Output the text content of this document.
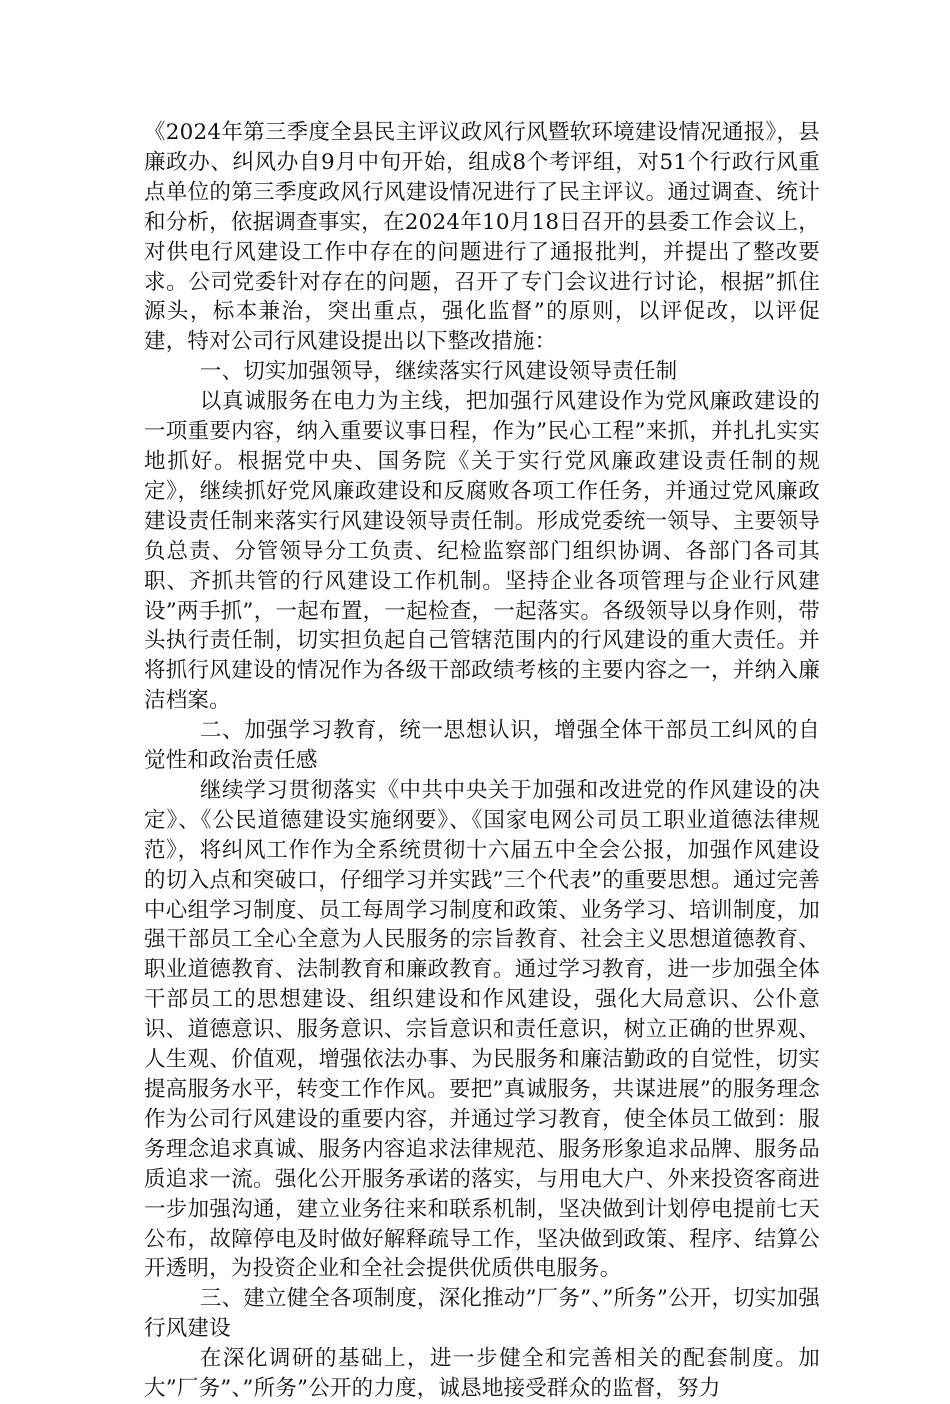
《2024年第三季度全县民主评议政风行风暨软环境建设情况通报》，县廉政办、纠风办自9月中旬开始，组成8个考评组，对51个行政行风重点单位的第三季度政风行风建设情况进行了民主评议。通过调查、统计和分析，依据调查事实，在2024年10月18日召开的县委工作会议上，对供电行风建设工作中存在的问题进行了通报批判，并提出了整改要求。公司党委针对存在的问题，召开了专门会议进行讨论，根据”抓住源头，标本兼治，突出重点，强化监督”的原则，以评促改，以评促建，特对公司行风建设提出以下整改措施：

一、切实加强领导，继续落实行风建设领导责任制

以真诚服务在电力为主线，把加强行风建设作为党风廉政建设的一项重要内容，纳入重要议事日程，作为”民心工程”来抓，并扎扎实实地抓好。根据党中央、国务院《关于实行党风廉政建设责任制的规定》，继续抓好党风廉政建设和反腐败各项工作任务，并通过党风廉政建设责任制来落实行风建设领导责任制。形成党委统一领导、主要领导负总责、分管领导分工负责、纪检监察部门组织协调、各部门各司其职、齐抓共管的行风建设工作机制。坚持企业各项管理与企业行风建设”两手抓”，一起布置，一起检查，一起落实。各级领导以身作则，带头执行责任制，切实担负起自己管辖范围内的行风建设的重大责任。并将抓行风建设的情况作为各级干部政绩考核的主要内容之一，并纳入廉洁档案。

二、加强学习教育，统一思想认识，增强全体干部员工纠风的自觉性和政治责任感

继续学习贯彻落实《中共中央关于加强和改进党的作风建设的决定》、《公民道德建设实施纲要》、《国家电网公司员工职业道德法律规范》，将纠风工作作为全系统贯彻十六届五中全会公报，加强作风建设的切入点和突破口，仔细学习并实践”三个代表”的重要思想。通过完善中心组学习制度、员工每周学习制度和政策、业务学习、培训制度，加强干部员工全心全意为人民服务的宗旨教育、社会主义思想道德教育、职业道德教育、法制教育和廉政教育。通过学习教育，进一步加强全体干部员工的思想建设、组织建设和作风建设，强化大局意识、公仆意识、道德意识、服务意识、宗旨意识和责任意识，树立正确的世界观、人生观、价值观，增强依法办事、为民服务和廉洁勤政的自觉性，切实提高服务水平，转变工作作风。要把”真诚服务，共谋进展”的服务理念作为公司行风建设的重要内容，并通过学习教育，使全体员工做到：服务理念追求真诚、服务内容追求法律规范、服务形象追求品牌、服务品质追求一流。强化公开服务承诺的落实，与用电大户、外来投资客商进一步加强沟通，建立业务往来和联系机制，坚决做到计划停电提前七天公布，故障停电及时做好解释疏导工作，坚决做到政策、程序、结算公开透明，为投资企业和全社会提供优质供电服务。

三、建立健全各项制度，深化推动”厂务”、”所务”公开，切实加强行风建设

在深化调研的基础上，进一步健全和完善相关的配套制度。加大”厂务”、”所务”公开的力度，诚恳地接受群众的监督，努力
